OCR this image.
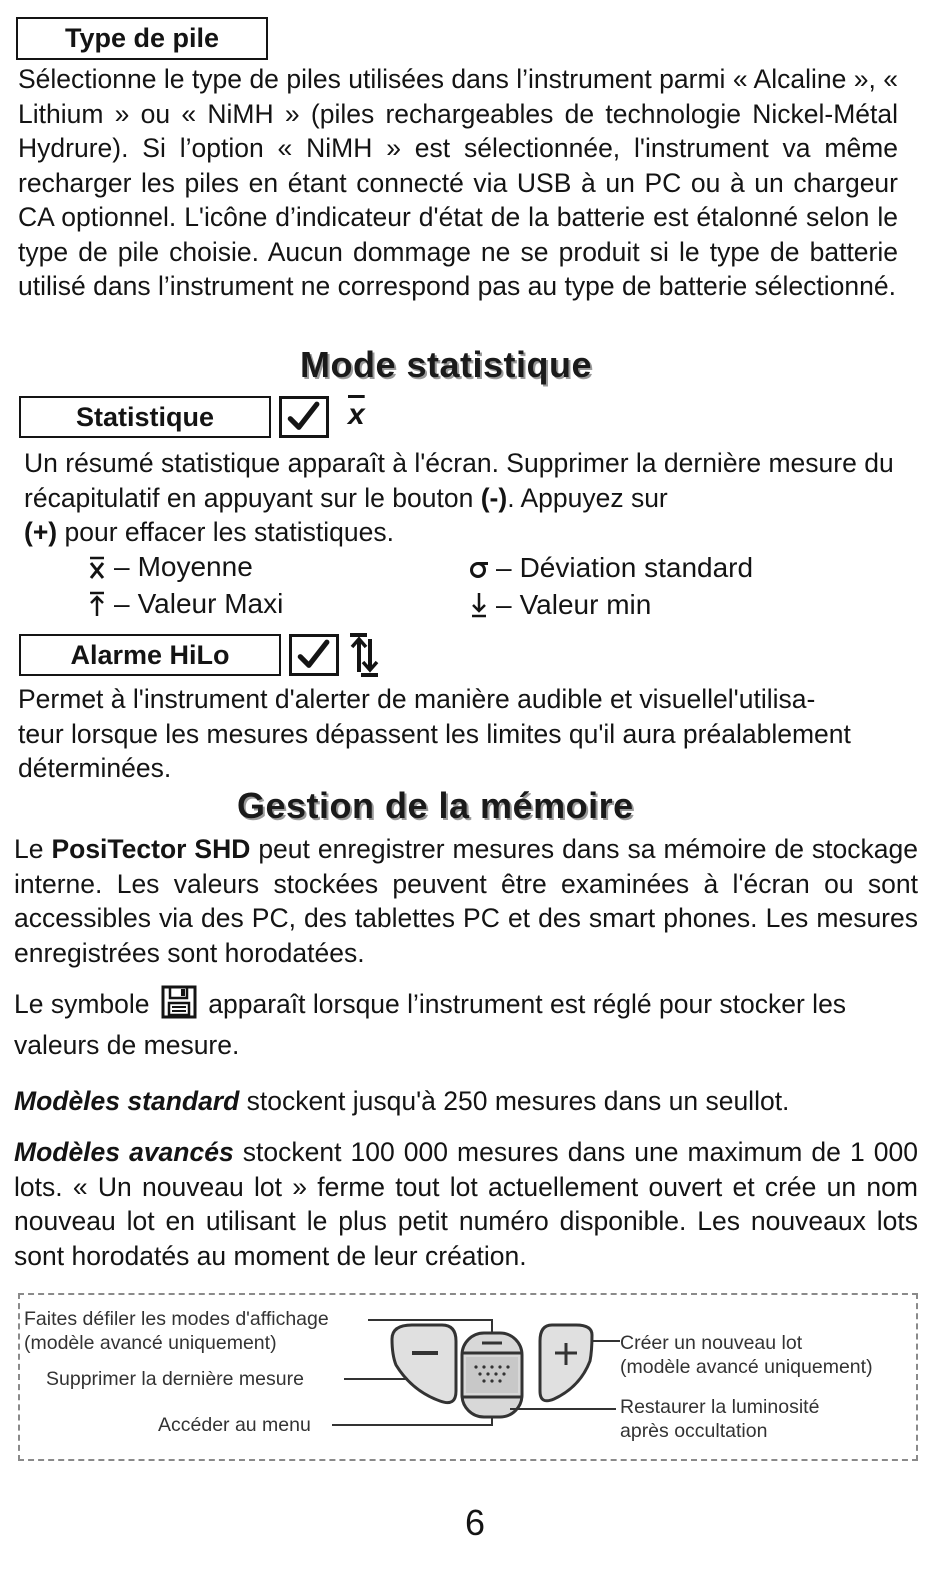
Type de pile
Sélectionne le type de piles utilisées dans l’instrument parmi « Alcaline », « Lithium » ou « NiMH » (piles rechargeables de technologie Nickel-Métal Hydrure). Si l’option « NiMH » est sélectionnée, l'instrument va même recharger les piles en étant connecté via USB à un PC ou à un chargeur CA optionnel. L'icône d’indicateur d'état de la batterie est étalonné selon le type de pile choisie. Aucun dommage ne se produit si le type de batterie utilisé dans l’instrument ne correspond pas au type de batterie sélectionné.
Mode statistique
Statistique	$\overline{x}$
Un résumé statistique apparaît à l'écran. Supprimer la dernière mesure du récapitulatif en appuyant sur le bouton (-). Appuyez sur
(+) pour effacer les statistiques.
– Moyenne	– Déviation standard
– Valeur Maxi	– Valeur min
Alarme HiLo
Permet à l'instrument d'alerter de manière audible et visuellel'utilisa-
teur lorsque les mesures dépassent les limites qu'il aura préalablement
déterminées.
Gestion de la mémoire
Le PosiTector SHD peut enregistrer mesures dans sa mémoire de stockage interne. Les valeurs stockées peuvent être examinées à l'écran ou sont accessibles via des PC, des tablettes PC et des smart phones. Les mesures enregistrées sont horodatées.
Le symbole apparaît lorsque l’instrument est réglé pour stocker les valeurs de mesure.
Modèles standard stockent jusqu'à 250 mesures dans un seullot.
Modèles avancés stockent 100 000 mesures dans une maximum de 1 000 lots. « Un nouveau lot » ferme tout lot actuellement ouvert et crée un nom nouveau lot en utilisant le plus petit numéro disponible. Les nouveaux lots sont horodatés au moment de leur création.
Faites défiler les modes d'affichage
(modèle avancé uniquement)
Supprimer la dernière mesure
Accéder au menu
Créer un nouveau lot
(modèle avancé uniquement)
Restaurer la luminosité
après occultation
6
